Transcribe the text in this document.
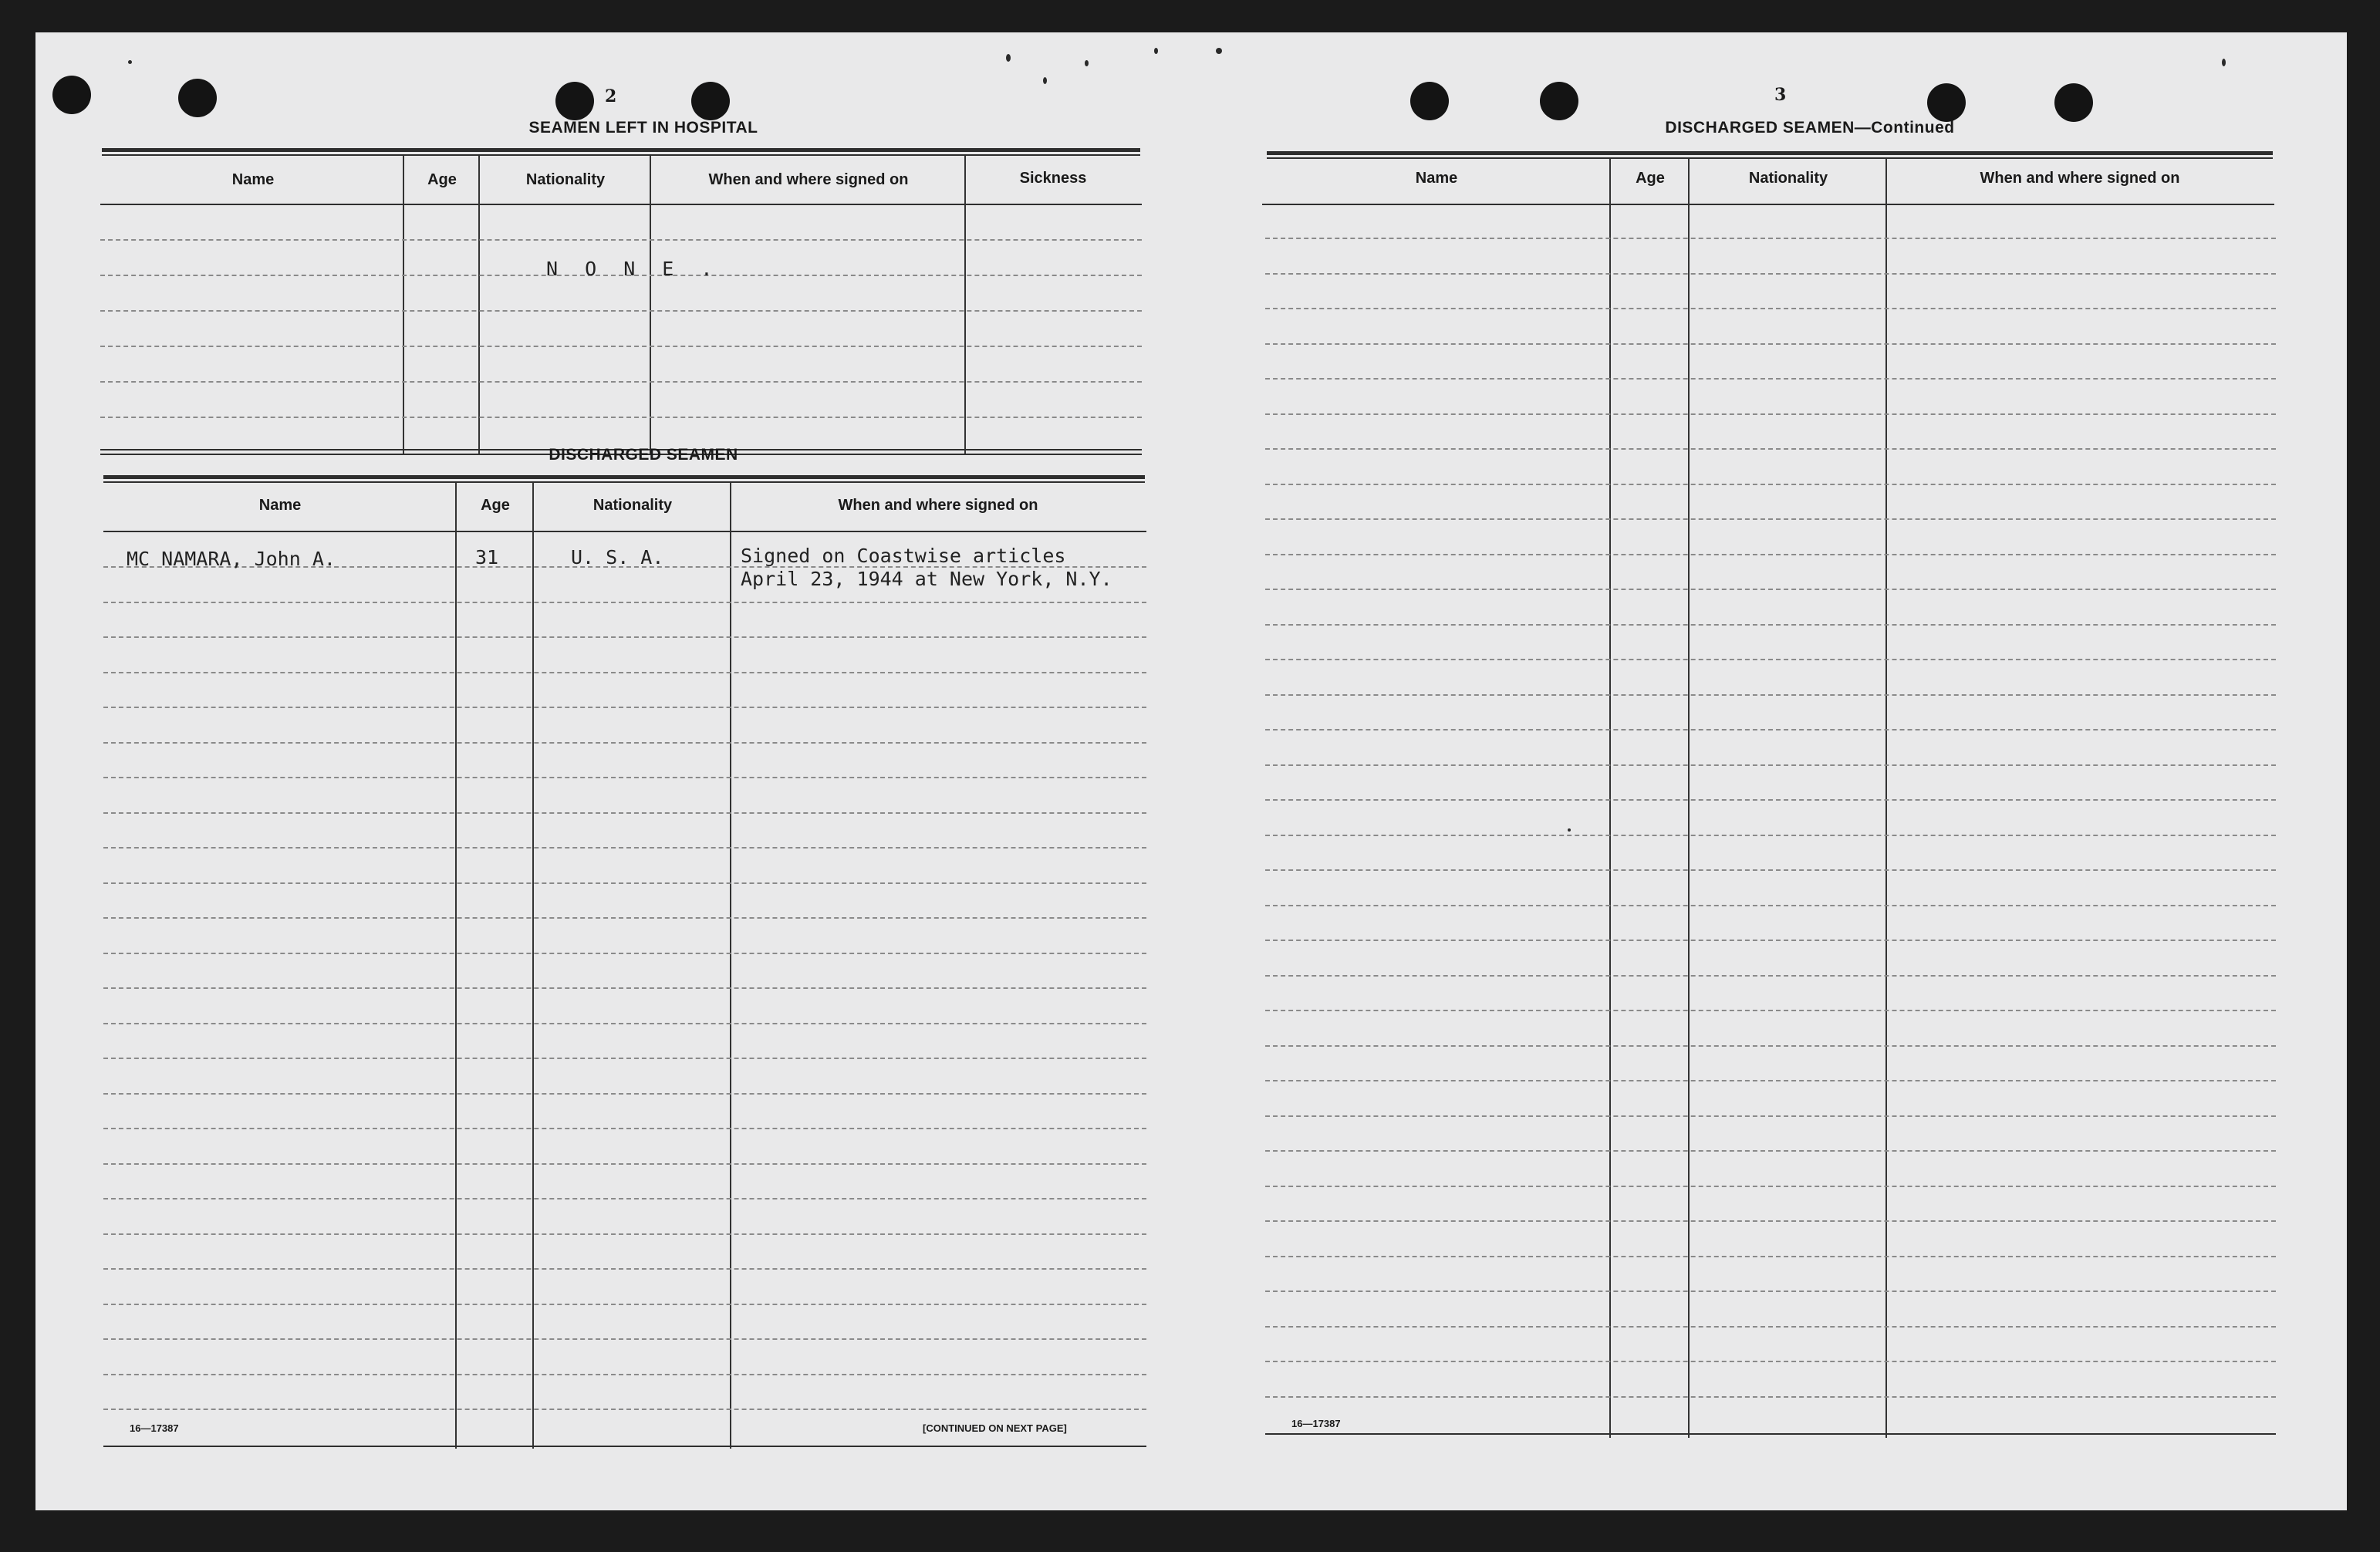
2
SEAMEN LEFT IN HOSPITAL
Name	Age	Nationality	When and where signed on	Sickness
N O N E .
DISCHARGED SEAMEN
Name	Age	Nationality	When and where signed on
MC NAMARA, John A.	31	U. S. A.	Signed on Coastwise articles
April 23, 1944 at New York, N.Y.
16—17387	[CONTINUED ON NEXT PAGE]
3
DISCHARGED SEAMEN—Continued
Name	Age	Nationality	When and where signed on
16—17387
